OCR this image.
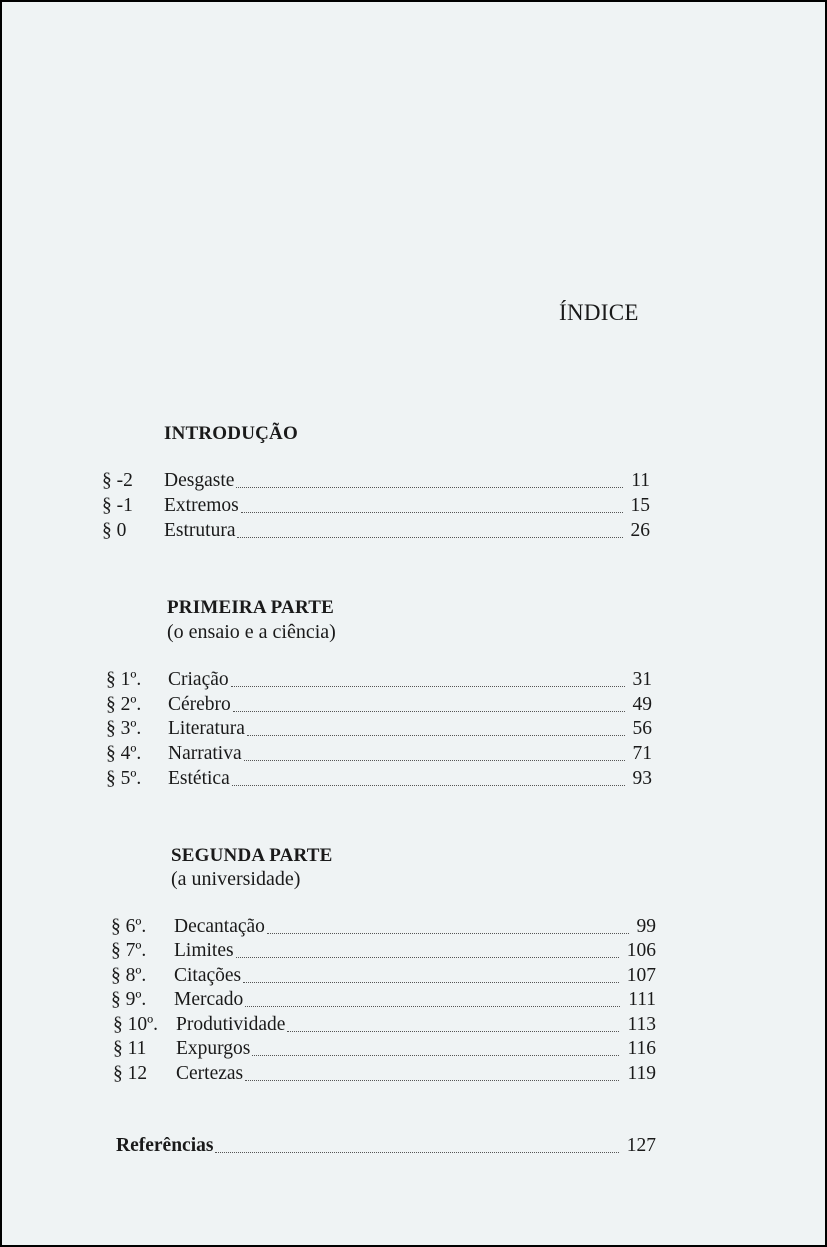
ÍNDICE
INTRODUÇÃO
§ -2	Desgaste	11
§ -1	Extremos	15
§ 0	Estrutura	26
PRIMEIRA PARTE
(o ensaio e a ciência)
§ 1º.	Criação	31
§ 2º.	Cérebro	49
§ 3º.	Literatura	56
§ 4º.	Narrativa	71
§ 5º.	Estética	93
SEGUNDA PARTE
(a universidade)
§ 6º.	Decantação	99
§ 7º.	Limites	106
§ 8º.	Citações	107
§ 9º.	Mercado	111
§ 10º. Produtividade	113
§ 11	Expurgos	116
§ 12	Certezas	119
Referências	127
